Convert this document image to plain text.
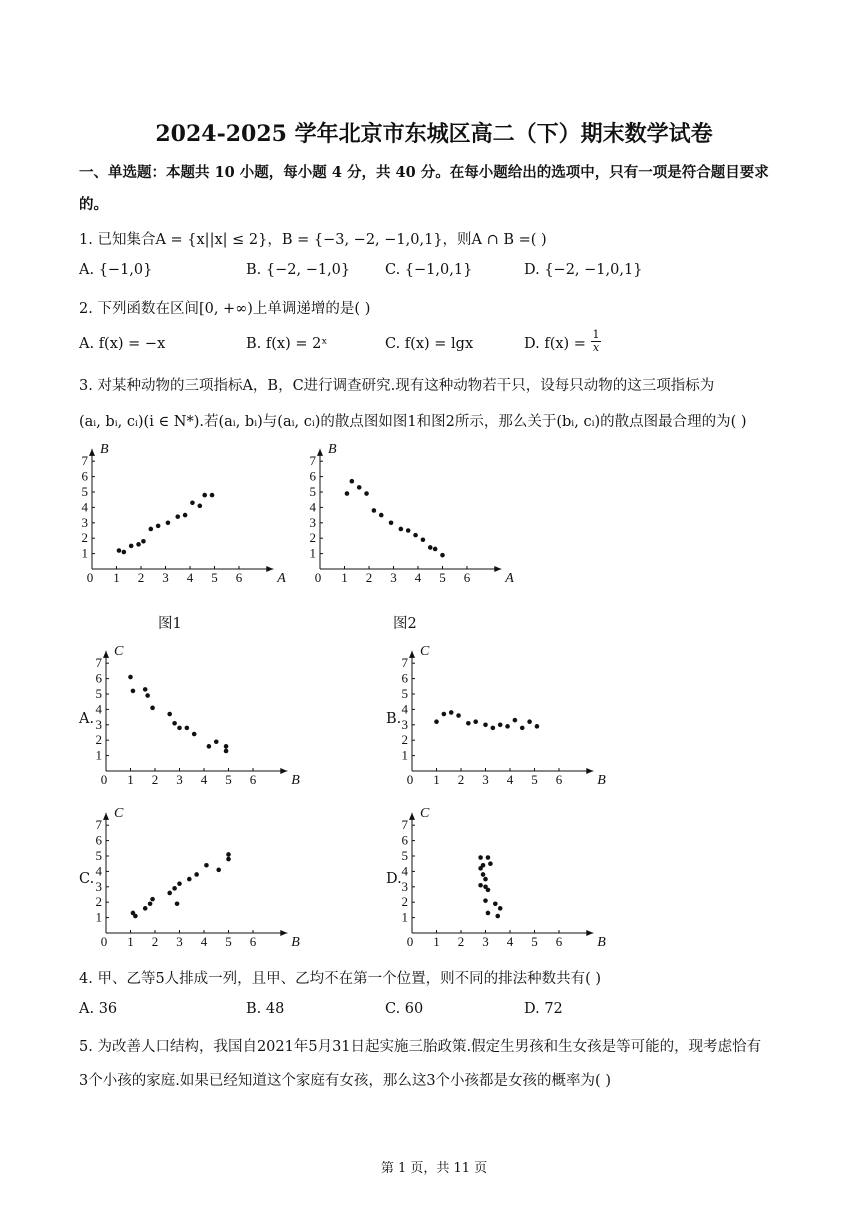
2024-2025 学年北京市东城区高二（下）期末数学试卷
一、单选题：本题共 10 小题，每小题 4 分，共 40 分。在每小题给出的选项中，只有一项是符合题目要求
的。
1. 已知集合A = {x||x| ≤ 2}，B = {−3, −2, −1,0,1}，则A ∩ B =( )
A. {−1,0}	B. {−2, −1,0} C. {−1,0,1}	D. {−2, −1,0,1}
2. 下列函数在区间[0, +∞)上单调递增的是( )
A. f(x) = −x	B. f(x) = 2ˣ	C. f(x) = lgx	D. $f(x) = \frac{1}{x}$
3. 对某种动物的三项指标A，B，C进行调查研究.现有这种动物若干只，设每只动物的这三项指标为
(aᵢ, bᵢ, cᵢ)(i ∈ N*).若(aᵢ, bᵢ)与(aᵢ, cᵢ)的散点图如图1和图2所示，那么关于(bᵢ, cᵢ)的散点图最合理的为( )
0 1 2 3 4 5 6
1
2
3
4
5
6
7
A
B
0 1 2 3 4 5 6
1
2
3
4
5
6
7
A
B
图1	图2
A.
0 1 2 3 4 5 6
1
2
3
4
5
6
7
B
C
B.
0 1 2 3 4 5 6
1
2
3
4
5
6
7
B
C
C.
0 1 2 3 4 5 6
1
2
3
4
5
6
7
B
C
D.
0 1 2 3 4 5 6
1
2
3
4
5
6
7
B
C
4. 甲、乙等5人排成一列，且甲、乙均不在第一个位置，则不同的排法种数共有( )
A. 36	B. 48	C. 60	D. 72
5. 为改善人口结构，我国自2021年5月31日起实施三胎政策.假定生男孩和生女孩是等可能的，现考虑恰有
3个小孩的家庭.如果已经知道这个家庭有女孩，那么这3个小孩都是女孩的概率为( )
第 1 页，共 11 页
